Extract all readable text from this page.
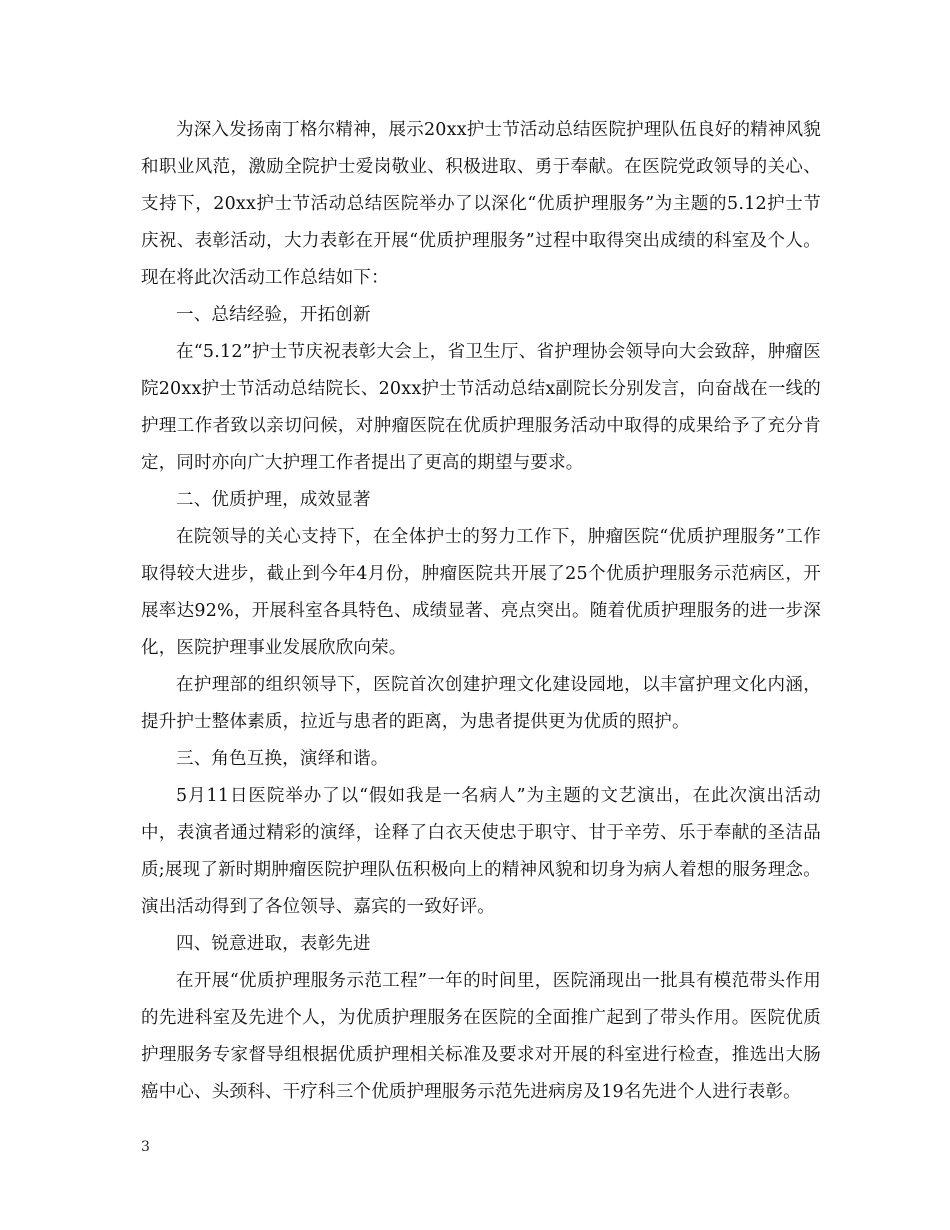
为深入发扬南丁格尔精神，展示20xx护士节活动总结医院护理队伍良好的精神风貌和职业风范，激励全院护士爱岗敬业、积极进取、勇于奉献。在医院党政领导的关心、支持下，20xx护士节活动总结医院举办了以深化“优质护理服务”为主题的5.12护士节庆祝、表彰活动，大力表彰在开展“优质护理服务”过程中取得突出成绩的科室及个人。现在将此次活动工作总结如下：

一、总结经验，开拓创新

在“5.12”护士节庆祝表彰大会上，省卫生厅、省护理协会领导向大会致辞，肿瘤医院20xx护士节活动总结院长、20xx护士节活动总结x副院长分别发言，向奋战在一线的护理工作者致以亲切问候，对肿瘤医院在优质护理服务活动中取得的成果给予了充分肯定，同时亦向广大护理工作者提出了更高的期望与要求。

二、优质护理，成效显著

在院领导的关心支持下，在全体护士的努力工作下，肿瘤医院“优质护理服务”工作取得较大进步，截止到今年4月份，肿瘤医院共开展了25个优质护理服务示范病区，开展率达92%，开展科室各具特色、成绩显著、亮点突出。随着优质护理服务的进一步深化，医院护理事业发展欣欣向荣。

在护理部的组织领导下，医院首次创建护理文化建设园地，以丰富护理文化内涵，提升护士整体素质，拉近与患者的距离，为患者提供更为优质的照护。

三、角色互换，演绎和谐。

5月11日医院举办了以“假如我是一名病人”为主题的文艺演出，在此次演出活动中，表演者通过精彩的演绎，诠释了白衣天使忠于职守、甘于辛劳、乐于奉献的圣洁品质;展现了新时期肿瘤医院护理队伍积极向上的精神风貌和切身为病人着想的服务理念。 演出活动得到了各位领导、嘉宾的一致好评。

四、锐意进取，表彰先进

在开展“优质护理服务示范工程”一年的时间里，医院涌现出一批具有模范带头作用的先进科室及先进个人，为优质护理服务在医院的全面推广起到了带头作用。医院优质护理服务专家督导组根据优质护理相关标准及要求对开展的科室进行检查，推选出大肠癌中心、头颈科、干疗科三个优质护理服务示范先进病房及19名先进个人进行表彰。

3
